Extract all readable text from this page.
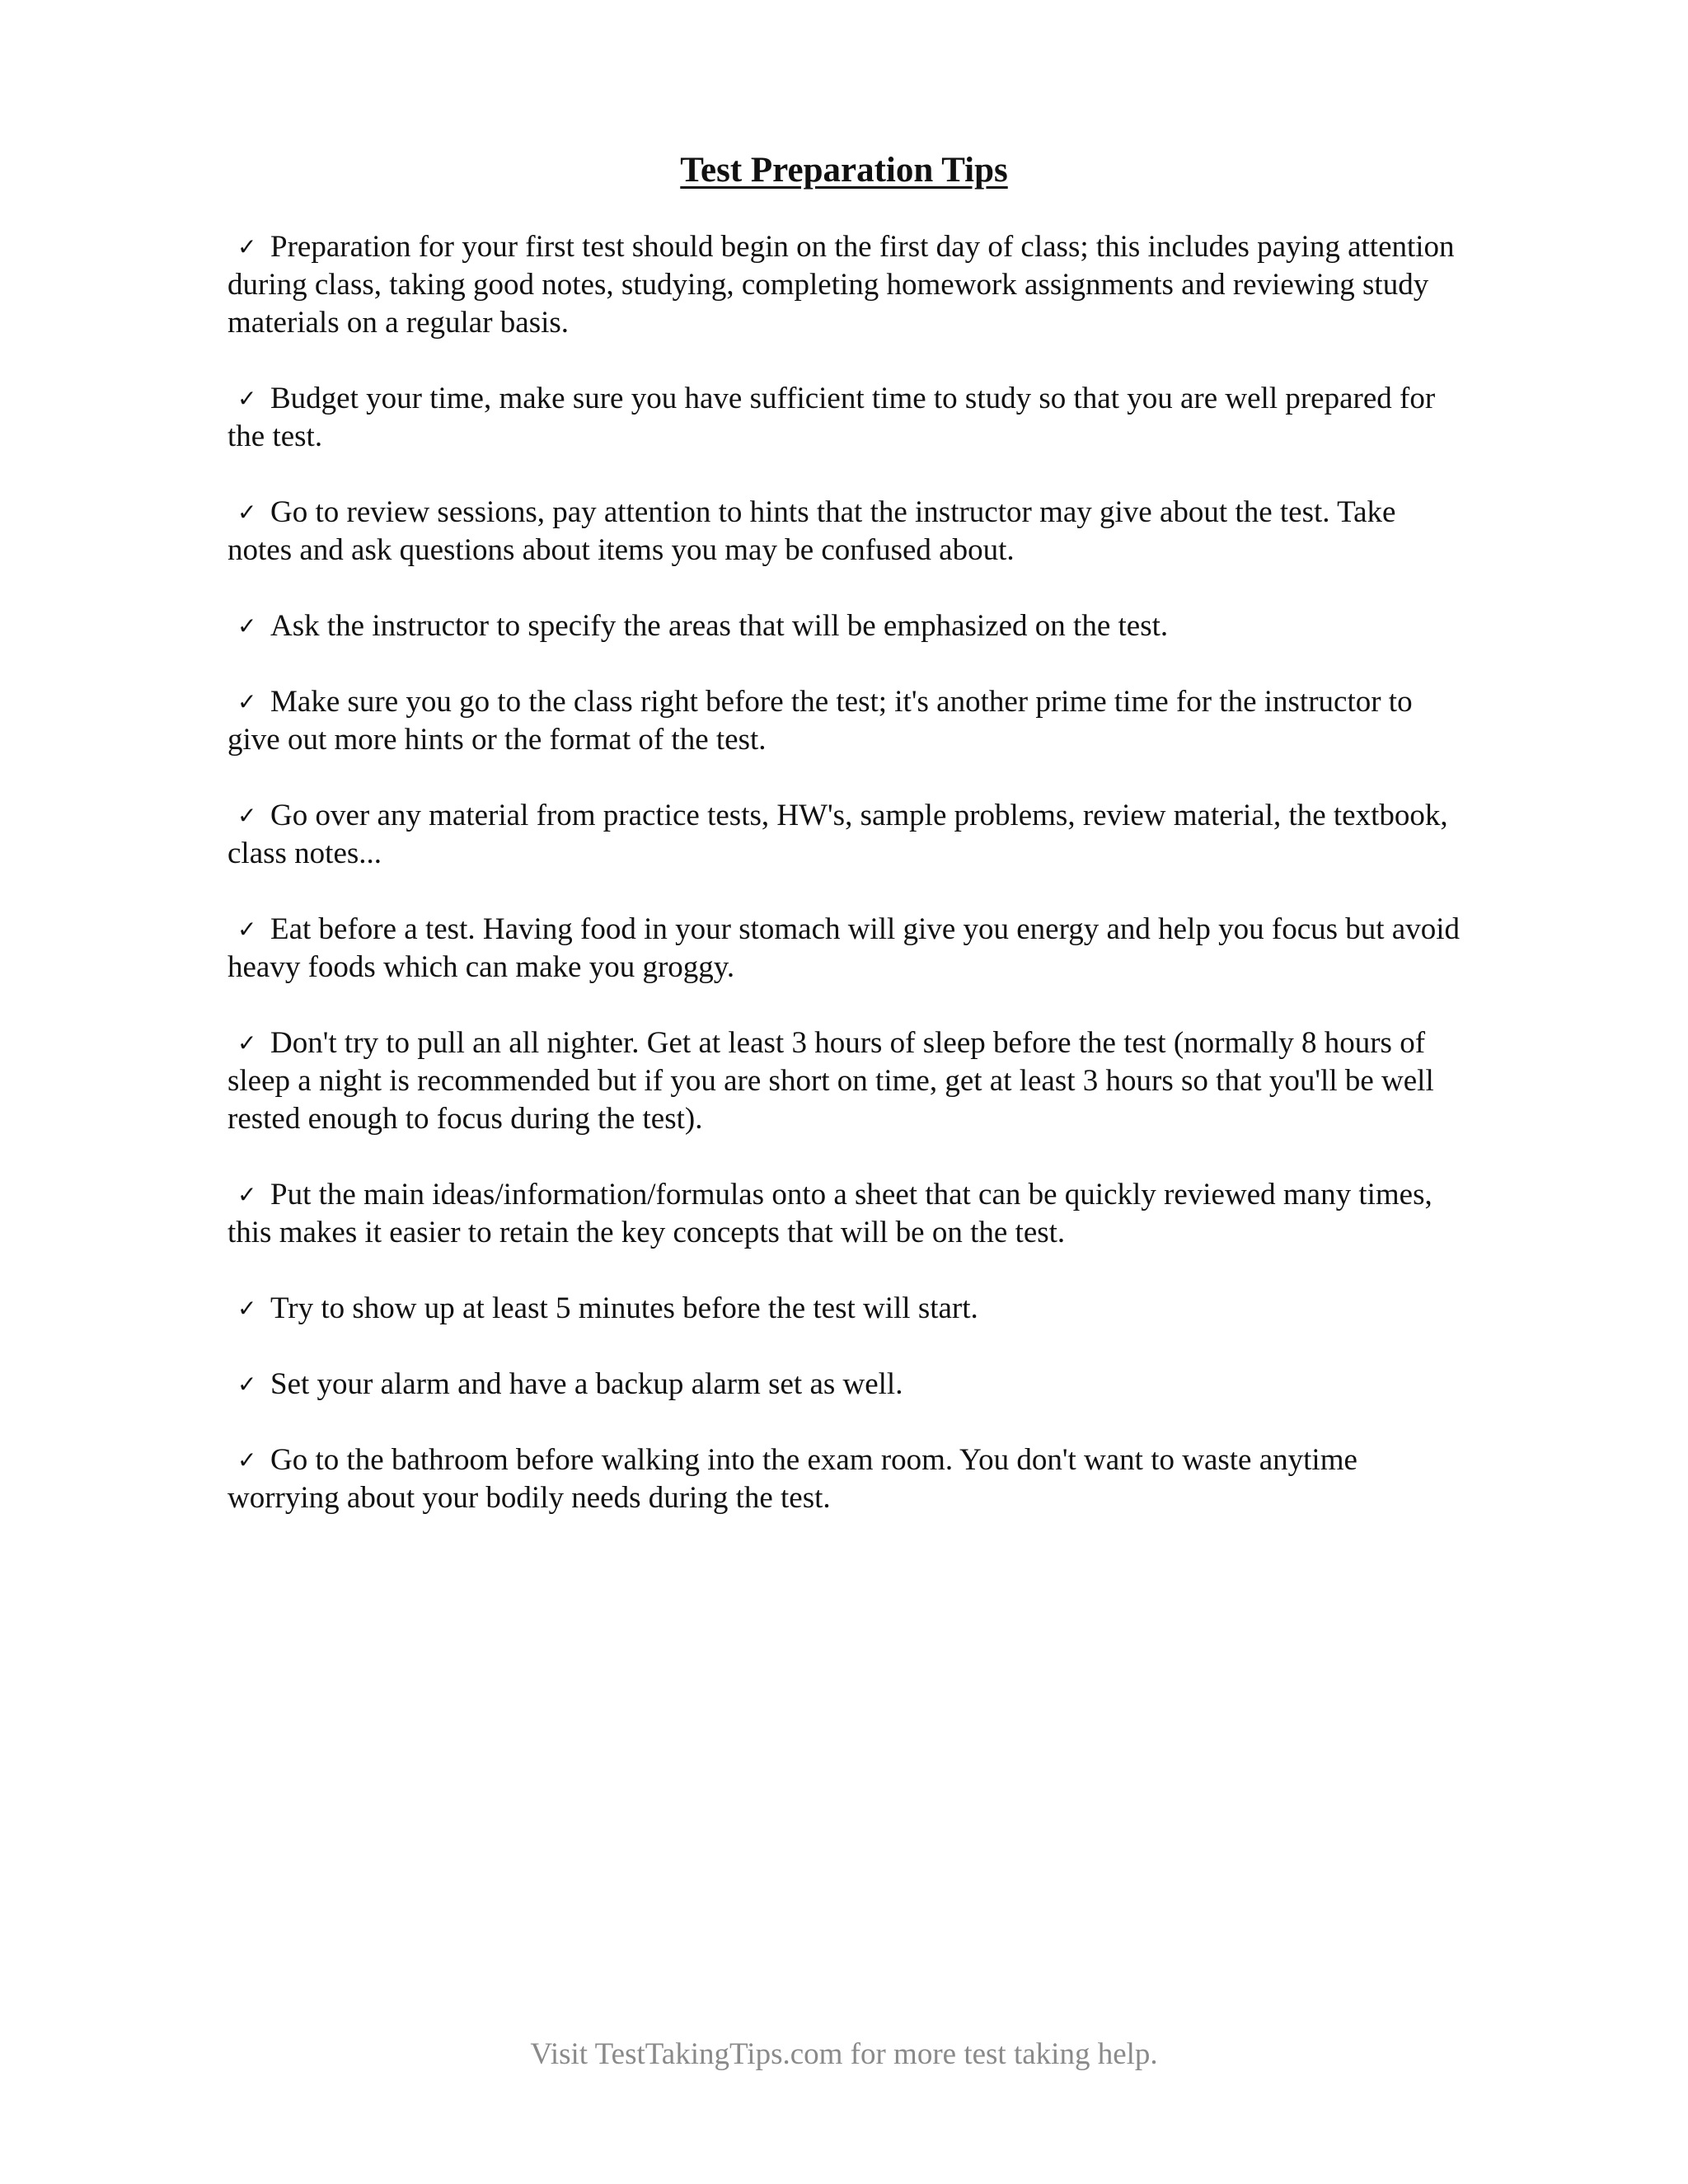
Test Preparation Tips
✓ Preparation for your first test should begin on the first day of class; this includes paying attention during class, taking good notes, studying, completing homework assignments and reviewing study materials on a regular basis.
✓ Budget your time, make sure you have sufficient time to study so that you are well prepared for the test.
✓ Go to review sessions, pay attention to hints that the instructor may give about the test. Take notes and ask questions about items you may be confused about.
✓ Ask the instructor to specify the areas that will be emphasized on the test.
✓ Make sure you go to the class right before the test; it's another prime time for the instructor to give out more hints or the format of the test.
✓ Go over any material from practice tests, HW's, sample problems, review material, the textbook, class notes...
✓ Eat before a test. Having food in your stomach will give you energy and help you focus but avoid heavy foods which can make you groggy.
✓ Don't try to pull an all nighter. Get at least 3 hours of sleep before the test (normally 8 hours of sleep a night is recommended but if you are short on time, get at least 3 hours so that you'll be well rested enough to focus during the test).
✓ Put the main ideas/information/formulas onto a sheet that can be quickly reviewed many times, this makes it easier to retain the key concepts that will be on the test.
✓ Try to show up at least 5 minutes before the test will start.
✓ Set your alarm and have a backup alarm set as well.
✓ Go to the bathroom before walking into the exam room. You don't want to waste anytime worrying about your bodily needs during the test.
Visit TestTakingTips.com for more test taking help.
